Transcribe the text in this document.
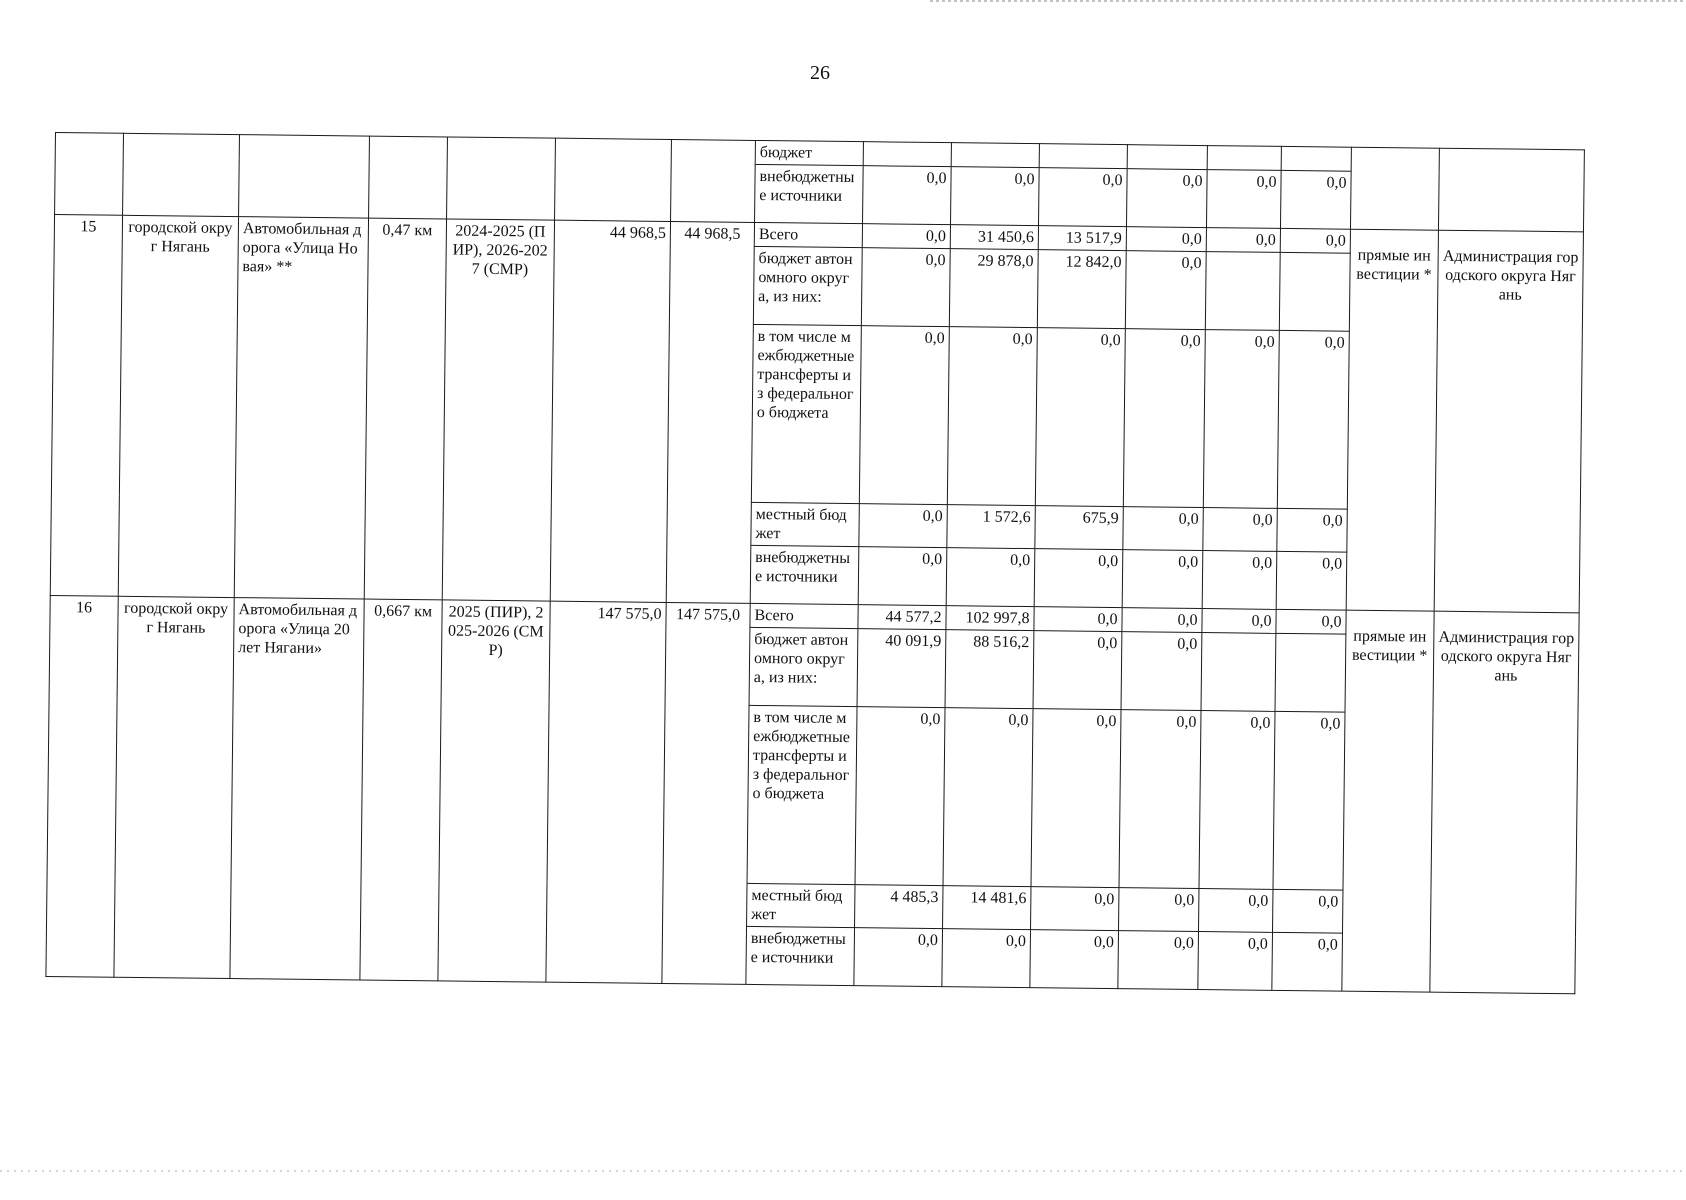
26
							бюджет								
							внебюджетные источники	0,0	0,0	0,0	0,0	0,0	0,0		
15	городской округ Нягань	Автомобильная дорога «Улица Новая» **	0,47 км	2024-2025 (ПИР), 2026-2027 (СМР)	44 968,5	44 968,5	Всего	0,0	31 450,6	13 517,9	0,0	0,0	0,0	прямые инвестиции *	Администрация городского округа Нягань
							бюджет автономного округа, из них:	0,0	29 878,0	12 842,0	0,0				
							в том числе межбюджетные трансферты из федерального бюджета	0,0	0,0	0,0	0,0	0,0	0,0		
							местный бюджет	0,0	1 572,6	675,9	0,0	0,0	0,0		
							внебюджетные источники	0,0	0,0	0,0	0,0	0,0	0,0		
16	городской округ Нягань	Автомобильная дорога «Улица 20 лет Нягани»	0,667 км	2025 (ПИР), 2025-2026 (СМР)	147 575,0	147 575,0	Всего	44 577,2	102 997,8	0,0	0,0	0,0	0,0	прямые инвестиции *	Администрация городского округа Нягань
							бюджет автономного округа, из них:	40 091,9	88 516,2	0,0	0,0				
							в том числе межбюджетные трансферты из федерального бюджета	0,0	0,0	0,0	0,0	0,0	0,0		
							местный бюджет	4 485,3	14 481,6	0,0	0,0	0,0	0,0		
							внебюджетные источники	0,0	0,0	0,0	0,0	0,0	0,0		
